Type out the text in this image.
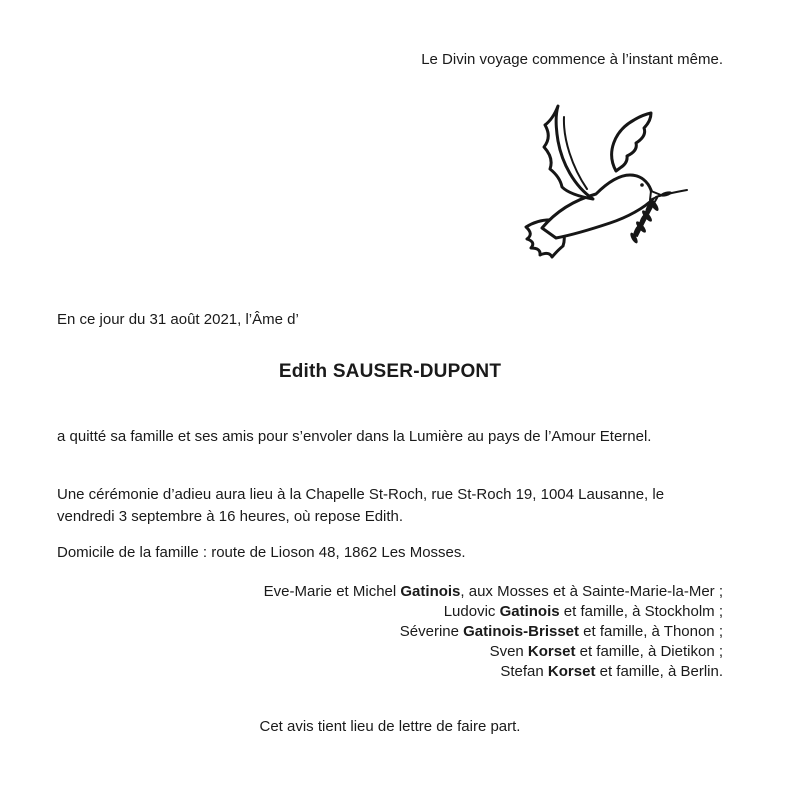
Le Divin voyage commence à l’instant même.
En ce jour du 31 août 2021, l’Âme d’
Edith SAUSER-DUPONT
a quitté sa famille et ses amis pour s’envoler dans la Lumière au pays de l’Amour Eternel.
Une cérémonie d’adieu aura lieu à la Chapelle St-Roch, rue St-Roch 19, 1004 Lausanne, le vendredi 3 septembre à 16 heures, où repose Edith.
Domicile de la famille : route de Lioson 48, 1862 Les Mosses.
Eve-Marie et Michel Gatinois, aux Mosses et à Sainte-Marie-la-Mer ;
Ludovic Gatinois et famille, à Stockholm ;
Séverine Gatinois-Brisset et famille, à Thonon ;
Sven Korset et famille, à Dietikon ;
Stefan Korset et famille, à Berlin.
Cet avis tient lieu de lettre de faire part.
